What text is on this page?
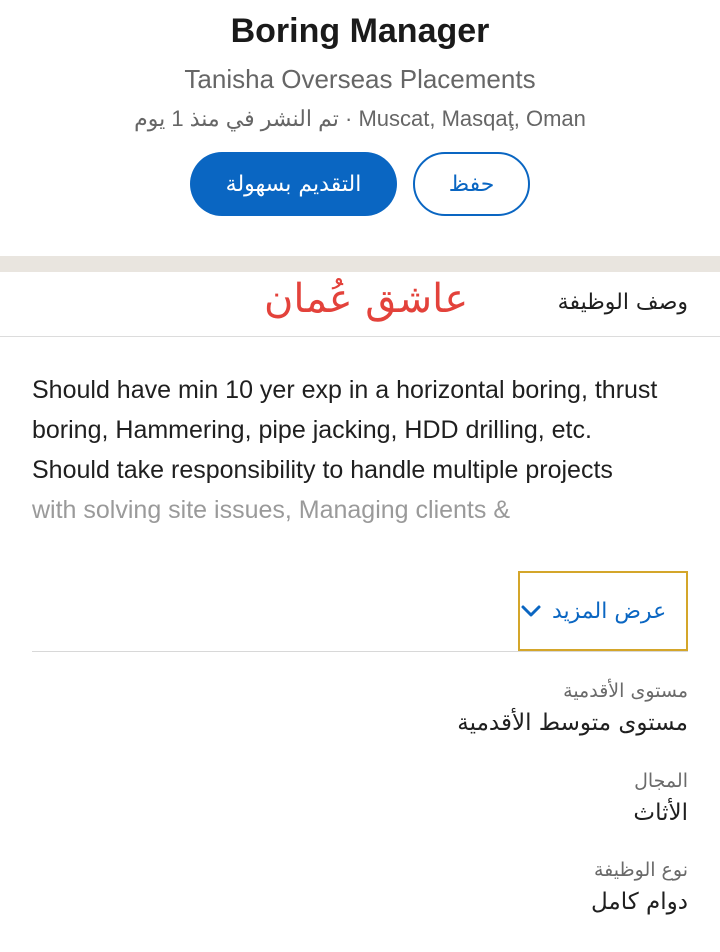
Boring Manager
Tanisha Overseas Placements
تم النشر في منذ 1 يوم · Muscat, Masqaţ, Oman
التقديم بسهولة	حفظ
وصف الوظيفة
عاشق عُمان

Should have min 10 yer exp in a horizontal boring, thrust boring, Hammering, pipe jacking, HDD drilling, etc.

Should take responsibility to handle multiple projects

with solving site issues, Managing clients &

عرض المزيد
مستوى الأقدمية
مستوى متوسط الأقدمية
المجال
الأثاث
نوع الوظيفة
دوام كامل
